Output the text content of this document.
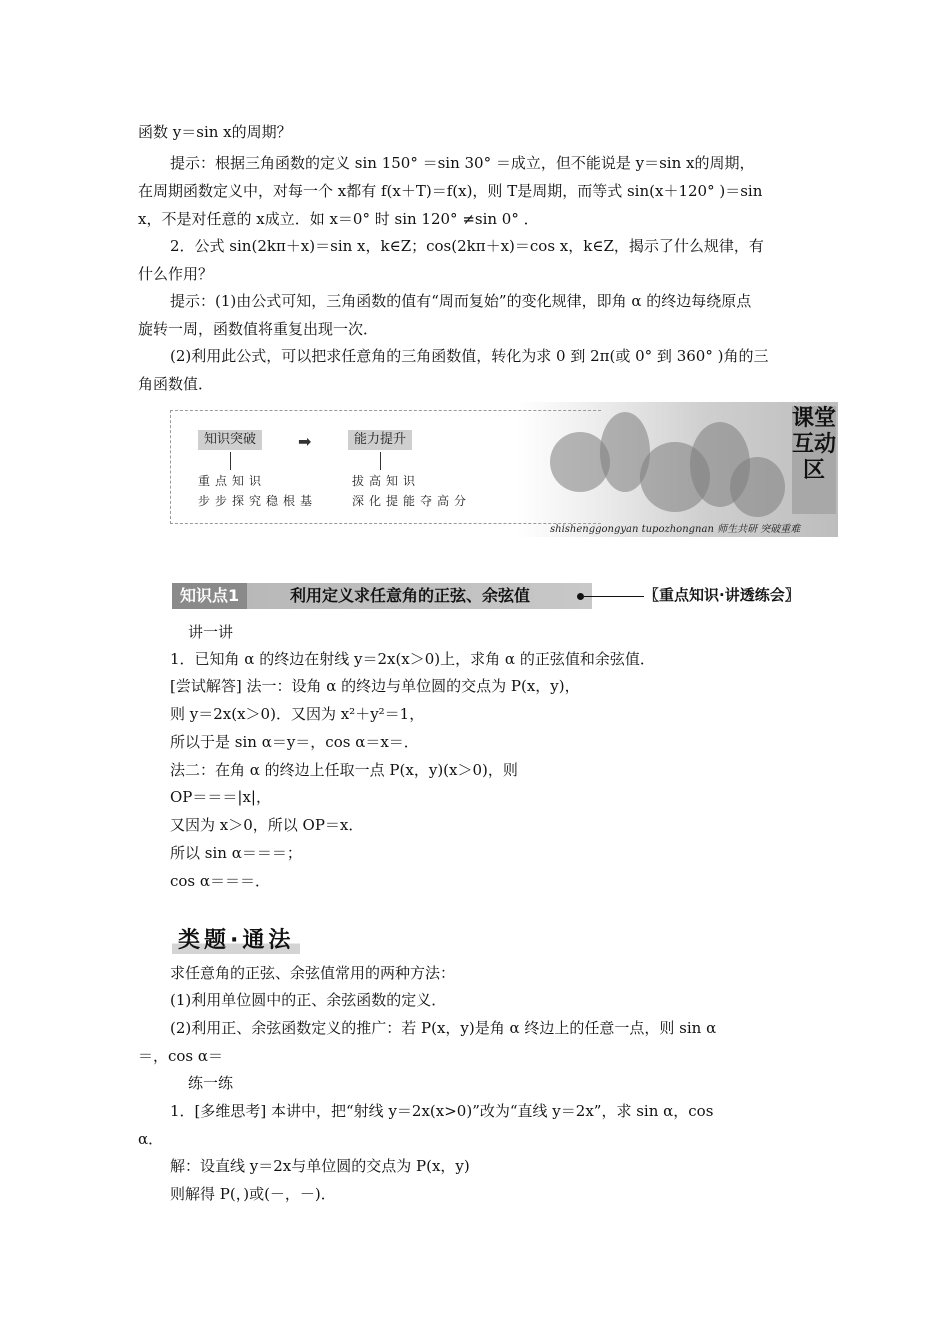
函数 y＝sin x的周期？
提示：根据三角函数的定义 sin 150° ＝sin 30° ＝成立，但不能说是 y＝sin x的周期，
在周期函数定义中，对每一个 x都有 f(x＋T)＝f(x)，则 T是周期，而等式 sin(x＋120° )＝sin
x，不是对任意的 x成立．如 x＝0° 时 sin 120° ≠sin 0° ．
2．公式 sin(2kπ＋x)＝sin x，k∈Z；cos(2kπ＋x)＝cos x，k∈Z，揭示了什么规律，有
什么作用？
提示：(1)由公式可知，三角函数的值有“周而复始”的变化规律，即角 α 的终边每绕原点
旋转一周，函数值将重复出现一次．
(2)利用此公式，可以把求任意角的三角函数值，转化为求 0 到 2π(或 0° 到 360° )角的三
角函数值．
知识突破	➡	能力提升
重点知识
步步探究稳根基
拔高知识
深化提能夺高分
课堂互动区
shishenggongyan tupozhongnan 师生共研 突破重难
知识点1	利用定义求任意角的正弦、余弦值	〖重点知识·讲透练会〗
讲一讲
1．已知角 α 的终边在射线 y＝2x(x＞0)上，求角 α 的正弦值和余弦值．
[尝试解答] 法一：设角 α 的终边与单位圆的交点为 P(x，y)，
则 y＝2x(x＞0)．又因为 x²＋y²＝1，
所以于是 sin α＝y＝，cos α＝x＝．
法二：在角 α 的终边上任取一点 P(x，y)(x＞0)，则
OP＝＝＝|x|，
又因为 x＞0，所以 OP＝x．
所以 sin α＝＝＝；
cos α＝＝＝．
类题·通法
求任意角的正弦、余弦值常用的两种方法：
(1)利用单位圆中的正、余弦函数的定义．
(2)利用正、余弦函数定义的推广：若 P(x，y)是角 α 终边上的任意一点，则 sin α
＝，cos α＝
练一练
1．[多维思考] 本讲中，把“射线 y＝2x(x>0)”改为“直线 y＝2x”，求 sin α，cos
α．
解：设直线 y＝2x与单位圆的交点为 P(x，y)
则解得 P(，)或(－，－)．
